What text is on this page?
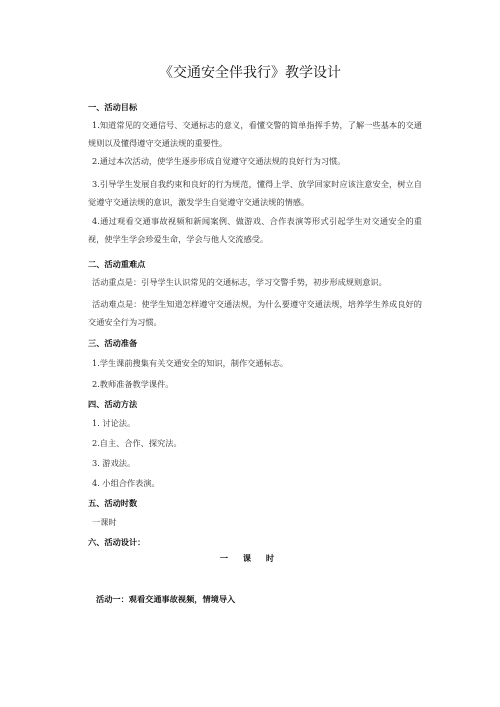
《交通安全伴我行》教学设计
一、活动目标
1.知道常见的交通信号、交通标志的意义，看懂交警的简单指挥手势，了解一些基本的交通规则以及懂得遵守交通法规的重要性。
2.通过本次活动，使学生逐步形成自觉遵守交通法规的良好行为习惯。
3.引导学生发展自我约束和良好的行为规范，懂得上学、放学回家时应该注意安全，树立自觉遵守交通法规的意识，激发学生自觉遵守交通法规的情感。
4.通过观看交通事故视频和新闻案例、做游戏、合作表演等形式引起学生对交通安全的重视，使学生学会珍爱生命，学会与他人交流感受。
二、活动重难点
活动重点是：引导学生认识常见的交通标志，学习交警手势，初步形成规则意识。
活动难点是：使学生知道怎样遵守交通法规，为什么要遵守交通法规，培养学生养成良好的交通安全行为习惯。
三、活动准备
1.学生课前搜集有关交通安全的知识，制作交通标志。
2.教师准备教学课件。
四、活动方法
1. 讨论法。
2.自主、合作、探究法。
3. 游戏法。
4. 小组合作表演。
五、活动时数
一课时
六、活动设计：
一 课 时
活动一：观看交通事故视频，情境导入
